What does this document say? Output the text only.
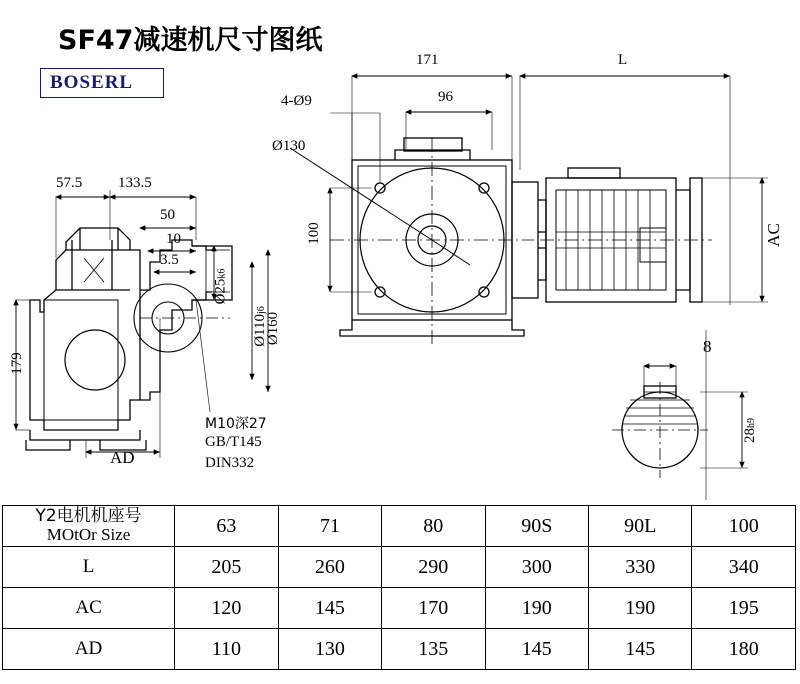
SF47减速机尺寸图纸
BOSERL
171	L
96
4-Ø9
Ø130
100	AC
57.5 133.5
50
10
3.5
Ø25k6
Ø110j6
Ø160
179
AD
M10深27
GB/T145
DIN332
8
28h9
Y2电机机座号
MOtOr Size	63	71	80	90S	90L	100
L	205	260	290	300	330	340
AC	120	145	170	190	190	195
AD	110	130	135	145	145	180
